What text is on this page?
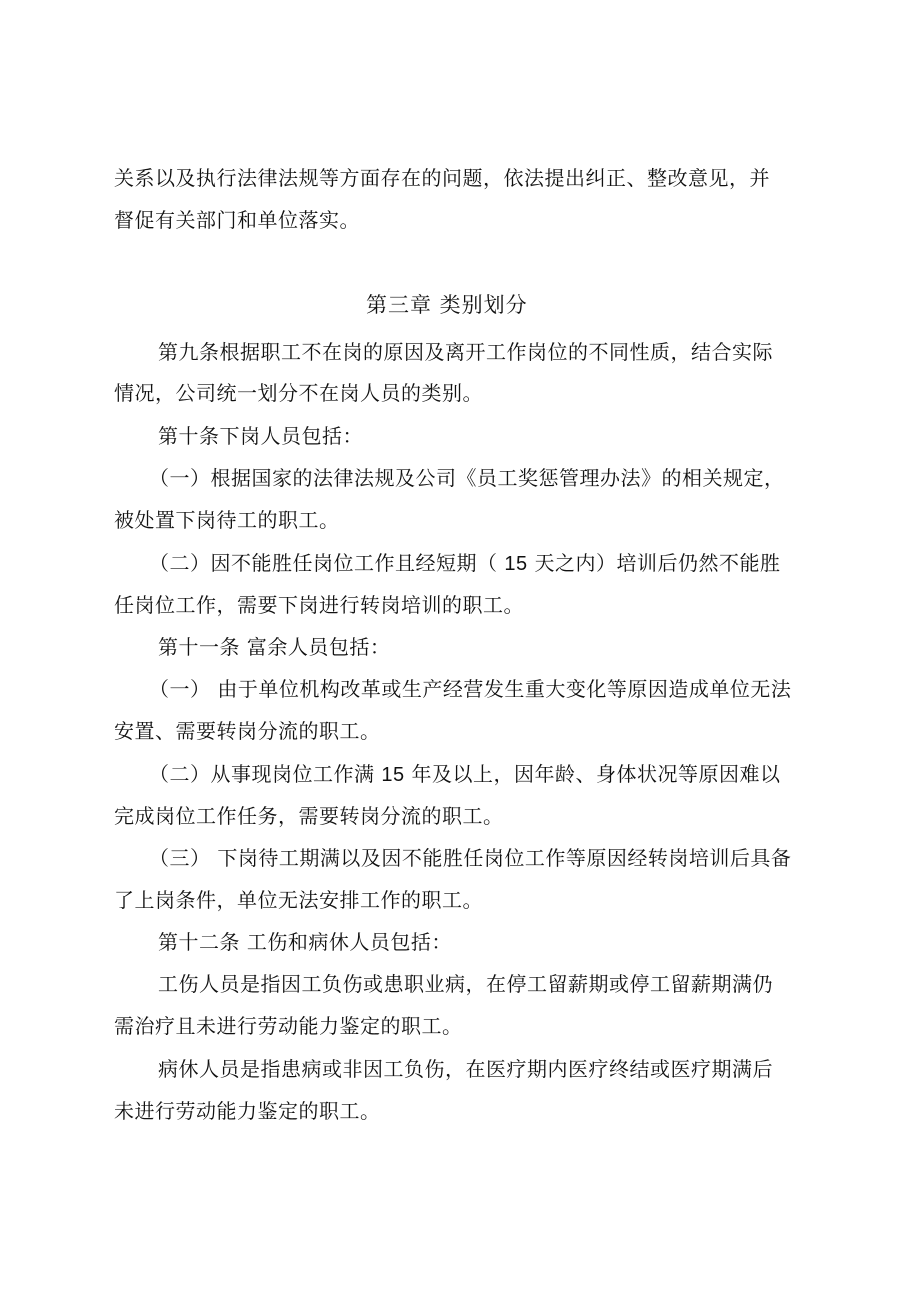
关系以及执行法律法规等方面存在的问题，依法提出纠正、整改意见，并
督促有关部门和单位落实。
第三章 类别划分
第九条根据职工不在岗的原因及离开工作岗位的不同性质，结合实际
情况，公司统一划分不在岗人员的类别。
第十条下岗人员包括：
（一）根据国家的法律法规及公司《员工奖惩管理办法》的相关规定，
被处置下岗待工的职工。
（二）因不能胜任岗位工作且经短期（ 15 天之内）培训后仍然不能胜
任岗位工作，需要下岗进行转岗培训的职工。
第十一条 富余人员包括：
（一） 由于单位机构改革或生产经营发生重大变化等原因造成单位无法
安置、需要转岗分流的职工。
（二）从事现岗位工作满 15 年及以上，因年龄、身体状况等原因难以
完成岗位工作任务，需要转岗分流的职工。
（三） 下岗待工期满以及因不能胜任岗位工作等原因经转岗培训后具备
了上岗条件，单位无法安排工作的职工。
第十二条 工伤和病休人员包括：
工伤人员是指因工负伤或患职业病，在停工留薪期或停工留薪期满仍
需治疗且未进行劳动能力鉴定的职工。
病休人员是指患病或非因工负伤，在医疗期内医疗终结或医疗期满后
未进行劳动能力鉴定的职工。
